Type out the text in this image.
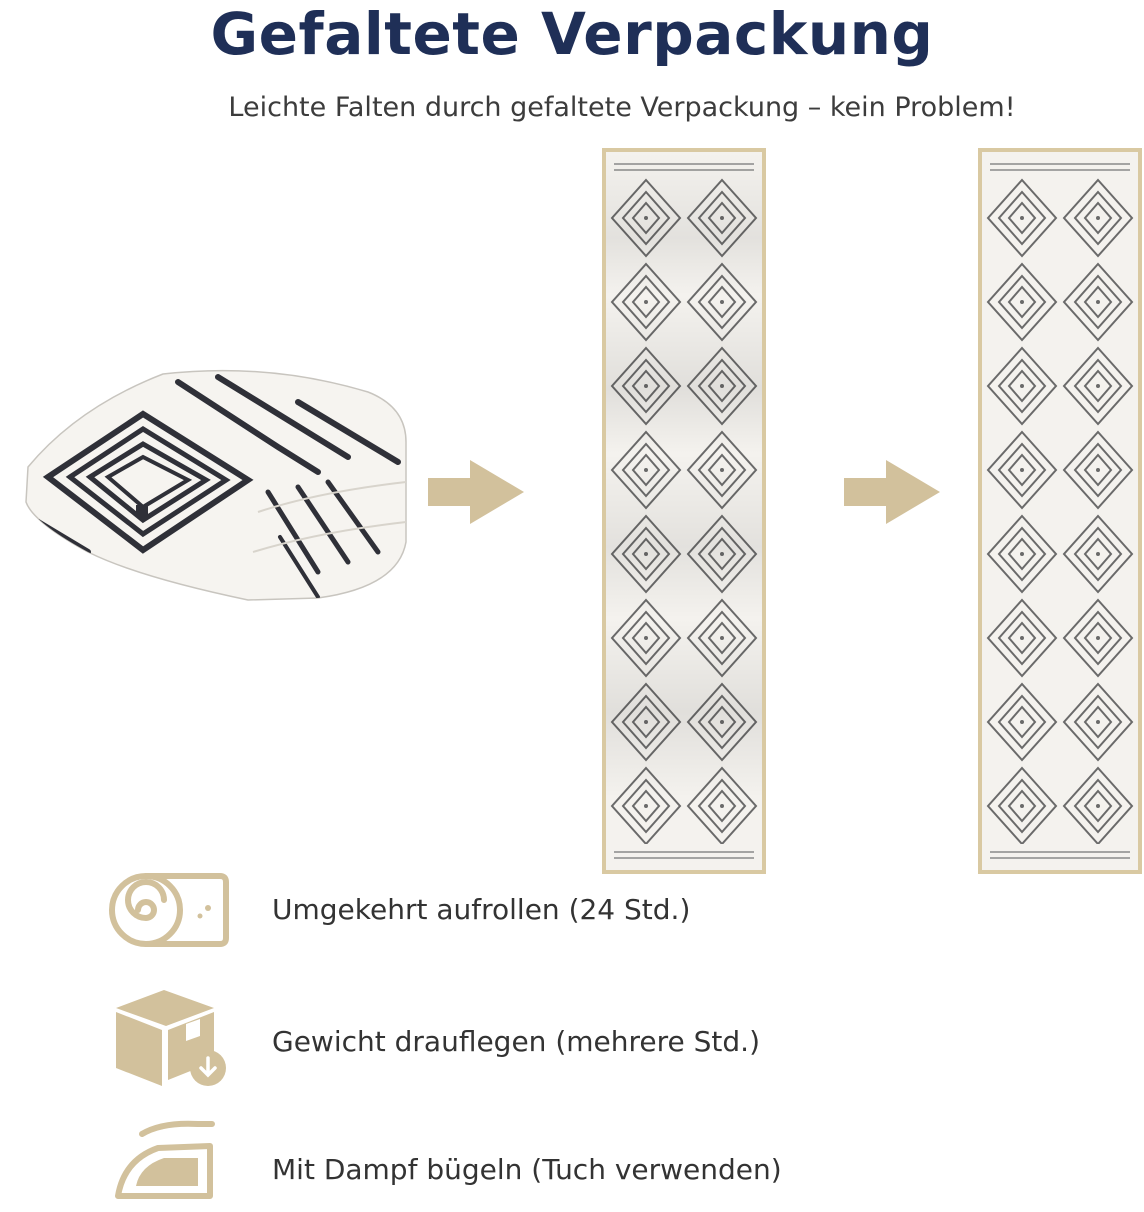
Gefaltete Verpackung

Leichte Falten durch gefaltete Verpackung – kein Problem!

Umgekehrt aufrollen (24 Std.)
Gewicht drauflegen (mehrere Std.)
Mit Dampf bügeln (Tuch verwenden)
